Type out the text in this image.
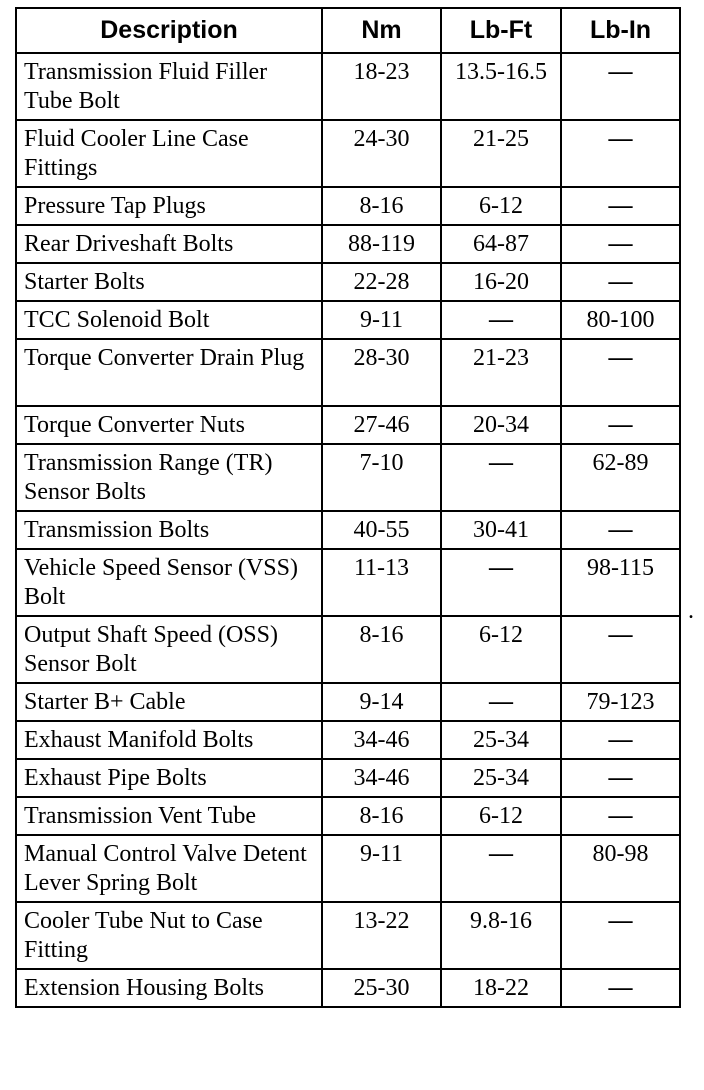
Description	Nm	Lb-Ft	Lb-In
Transmission Fluid Filler Tube Bolt	18-23	13.5-16.5	—
Fluid Cooler Line Case Fittings	24-30	21-25	—
Pressure Tap Plugs	8-16	6-12	—
Rear Driveshaft Bolts	88-119	64-87	—
Starter Bolts	22-28	16-20	—
TCC Solenoid Bolt	9-11	—	80-100
Torque Converter Drain Plug	28-30	21-23	—
Torque Converter Nuts	27-46	20-34	—
Transmission Range (TR) Sensor Bolts	7-10	—	62-89
Transmission Bolts	40-55	30-41	—
Vehicle Speed Sensor (VSS) Bolt	11-13	—	98-115
Output Shaft Speed (OSS) Sensor Bolt	8-16	6-12	—
Starter B+ Cable	9-14	—	79-123
Exhaust Manifold Bolts	34-46	25-34	—
Exhaust Pipe Bolts	34-46	25-34	—
Transmission Vent Tube	8-16	6-12	—
Manual Control Valve Detent Lever Spring Bolt	9-11	—	80-98
Cooler Tube Nut to Case Fitting	13-22	9.8-16	—
Extension Housing Bolts	25-30	18-22	—
.
